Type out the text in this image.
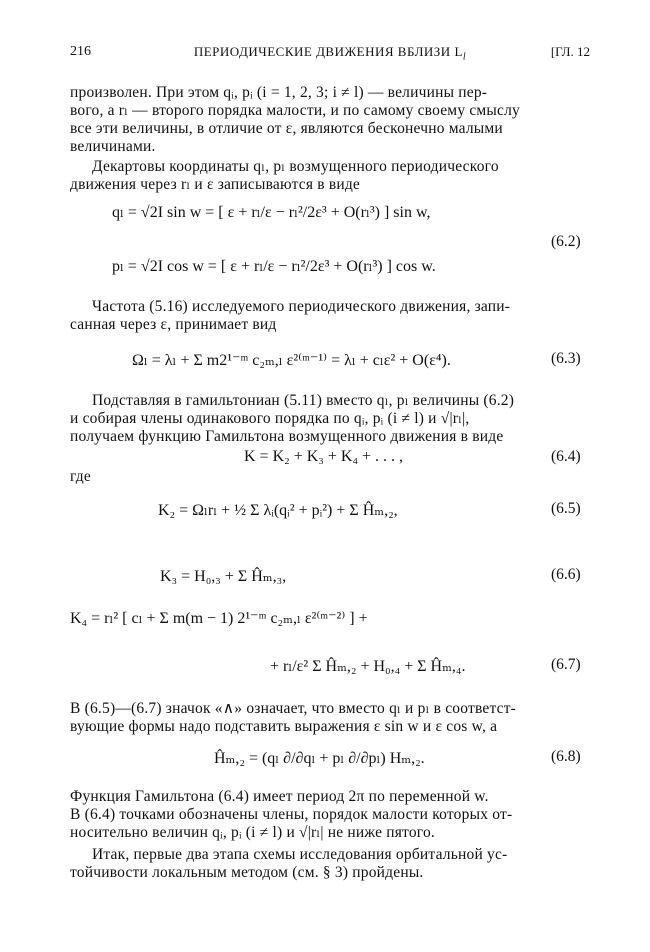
216	ПЕРИОДИЧЕСКИЕ ДВИЖЕНИЯ ВБЛИЗИ $L_l$	[ГЛ. 12
произволен. При этом qᵢ, pᵢ (i = 1, 2, 3; i ≠ l) — величины пер-
вого, а rₗ — второго порядка малости, и по самому своему смыслу
все эти величины, в отличие от ε, являются бесконечно малыми
величинами.
Декартовы координаты qₗ, pₗ возмущенного периодического
движения через rₗ и ε записываются в виде
qₗ = √2I sin w = [ ε + rₗ/ε − rₗ²/2ε³ + O(rₗ³) ] sin w,
pₗ = √2I cos w = [ ε + rₗ/ε − rₗ²/2ε³ + O(rₗ³) ] cos w.
(6.2)
Частота (5.16) исследуемого периодического движения, запи-
санная через ε, принимает вид
Ωₗ = λₗ + Σ m2¹⁻ᵐ c₂ₘ,ₗ ε²⁽ᵐ⁻¹⁾ = λₗ + cₗε² + O(ε⁴).	(6.3)
Подставляя в гамильтониан (5.11) вместо qₗ, pₗ величины (6.2)
и собирая члены одинакового порядка по qᵢ, pᵢ (i ≠ l) и √|rₗ|,
получаем функцию Гамильтона возмущенного движения в виде
K = K₂ + K₃ + K₄ + . . . ,	(6.4)
где
K₂ = Ωₗrₗ + ½ Σ λᵢ(qᵢ² + pᵢ²) + Σ Ĥₘ,₂,	(6.5)
K₃ = H₀,₃ + Σ Ĥₘ,₃,	(6.6)
K₄ = rₗ² [ cₗ + Σ m(m − 1) 2¹⁻ᵐ c₂ₘ,ₗ ε²⁽ᵐ⁻²⁾ ] +
+ rₗ/ε² Σ Ĥₘ,₂ + H₀,₄ + Σ Ĥₘ,₄.	(6.7)
В (6.5)—(6.7) значок «∧» означает, что вместо qₗ и pₗ в соответст-
вующие формы надо подставить выражения ε sin w и ε cos w, а
Ĥₘ,₂ = (qₗ ∂/∂qₗ + pₗ ∂/∂pₗ) Hₘ,₂.	(6.8)
Функция Гамильтона (6.4) имеет период 2π по переменной w.
В (6.4) точками обозначены члены, порядок малости которых от-
носительно величин qᵢ, pᵢ (i ≠ l) и √|rₗ| не ниже пятого.
Итак, первые два этапа схемы исследования орбитальной ус-
тойчивости локальным методом (см. § 3) пройдены.
